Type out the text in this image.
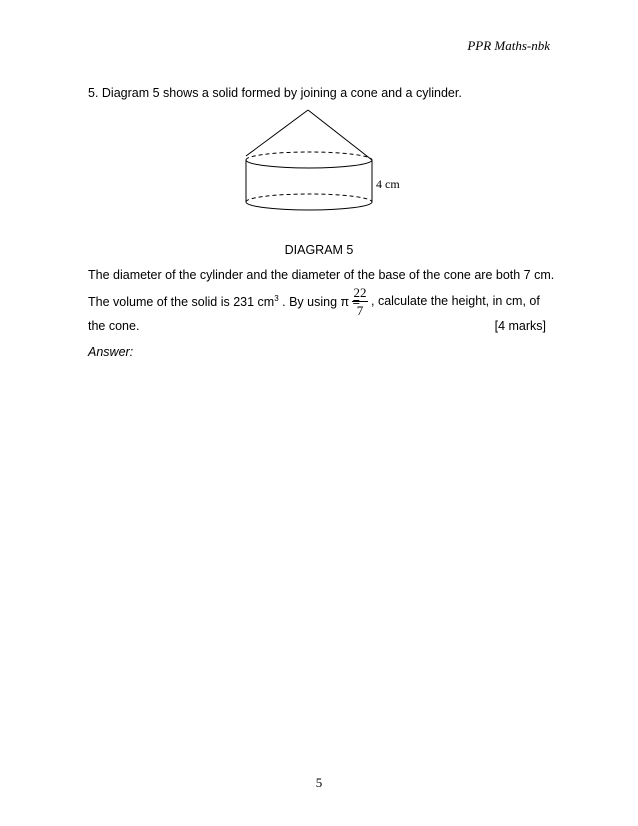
PPR Maths-nbk
5. Diagram 5 shows a solid formed by joining a cone and a cylinder.
4 cm
DIAGRAM 5
The diameter of the cylinder and the diameter of the base of the cone are both 7 cm.
The volume of the solid is 231 $cm^3$ . By using π =
22
7
, calculate the height, in cm, of
the cone.	[4 marks]
Answer:
5
